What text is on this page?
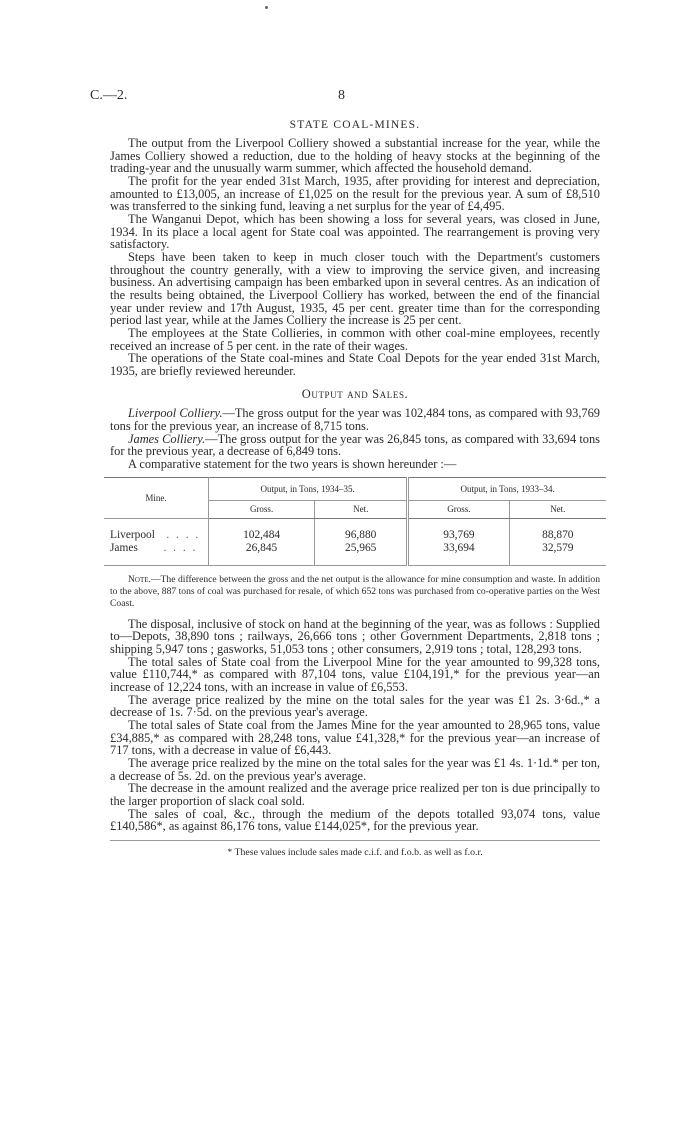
C.—2.	8
STATE COAL-MINES.

The output from the Liverpool Colliery showed a substantial increase for the year, while the James Colliery showed a reduction, due to the holding of heavy stocks at the beginning of the trading-year and the unusually warm summer, which affected the household demand.

The profit for the year ended 31st March, 1935, after providing for interest and depreciation, amounted to £13,005, an increase of £1,025 on the result for the previous year. A sum of £8,510 was transferred to the sinking fund, leaving a net surplus for the year of £4,495.

The Wanganui Depot, which has been showing a loss for several years, was closed in June, 1934. In its place a local agent for State coal was appointed. The rearrangement is proving very satisfactory.

Steps have been taken to keep in much closer touch with the Department's customers throughout the country generally, with a view to improving the service given, and increasing business. An advertising campaign has been embarked upon in several centres. As an indication of the results being obtained, the Liverpool Colliery has worked, between the end of the financial year under review and 17th August, 1935, 45 per cent. greater time than for the corresponding period last year, while at the James Colliery the increase is 25 per cent.

The employees at the State Collieries, in common with other coal-mine employees, recently received an increase of 5 per cent. in the rate of their wages.

The operations of the State coal-mines and State Coal Depots for the year ended 31st March, 1935, are briefly reviewed hereunder.

Output and Sales.

Liverpool Colliery.—The gross output for the year was 102,484 tons, as compared with 93,769 tons for the previous year, an increase of 8,715 tons.

James Colliery.—The gross output for the year was 26,845 tons, as compared with 33,694 tons for the previous year, a decrease of 6,849 tons.

A comparative statement for the two years is shown hereunder :—

Mine.	Output, in Tons, 1934–35.		Output, in Tons, 1933–34.	
	Gross.	Net.	Gross.	Net.
Liverpool . . . .	102,484	96,880	93,769	88,870
James . . . .	26,845	25,965	33,694	32,579
Note.—The difference between the gross and the net output is the allowance for mine consumption and waste. In addition to the above, 887 tons of coal was purchased for resale, of which 652 tons was purchased from co-operative parties on the West Coast.

The disposal, inclusive of stock on hand at the beginning of the year, was as follows : Supplied to—Depots, 38,890 tons ; railways, 26,666 tons ; other Government Departments, 2,818 tons ; shipping 5,947 tons ; gasworks, 51,053 tons ; other consumers, 2,919 tons ; total, 128,293 tons.

The total sales of State coal from the Liverpool Mine for the year amounted to 99,328 tons, value £110,744,* as compared with 87,104 tons, value £104,191,* for the previous year—an increase of 12,224 tons, with an increase in value of £6,553.

The average price realized by the mine on the total sales for the year was £1 2s. 3·6d.,* a decrease of 1s. 7·5d. on the previous year's average.

The total sales of State coal from the James Mine for the year amounted to 28,965 tons, value £34,885,* as compared with 28,248 tons, value £41,328,* for the previous year—an increase of 717 tons, with a decrease in value of £6,443.

The average price realized by the mine on the total sales for the year was £1 4s. 1·1d.* per ton, a decrease of 5s. 2d. on the previous year's average.

The decrease in the amount realized and the average price realized per ton is due principally to the larger proportion of slack coal sold.

The sales of coal, &c., through the medium of the depots totalled 93,074 tons, value £140,586*, as against 86,176 tons, value £144,025*, for the previous year.

* These values include sales made c.i.f. and f.o.b. as well as f.o.r.
